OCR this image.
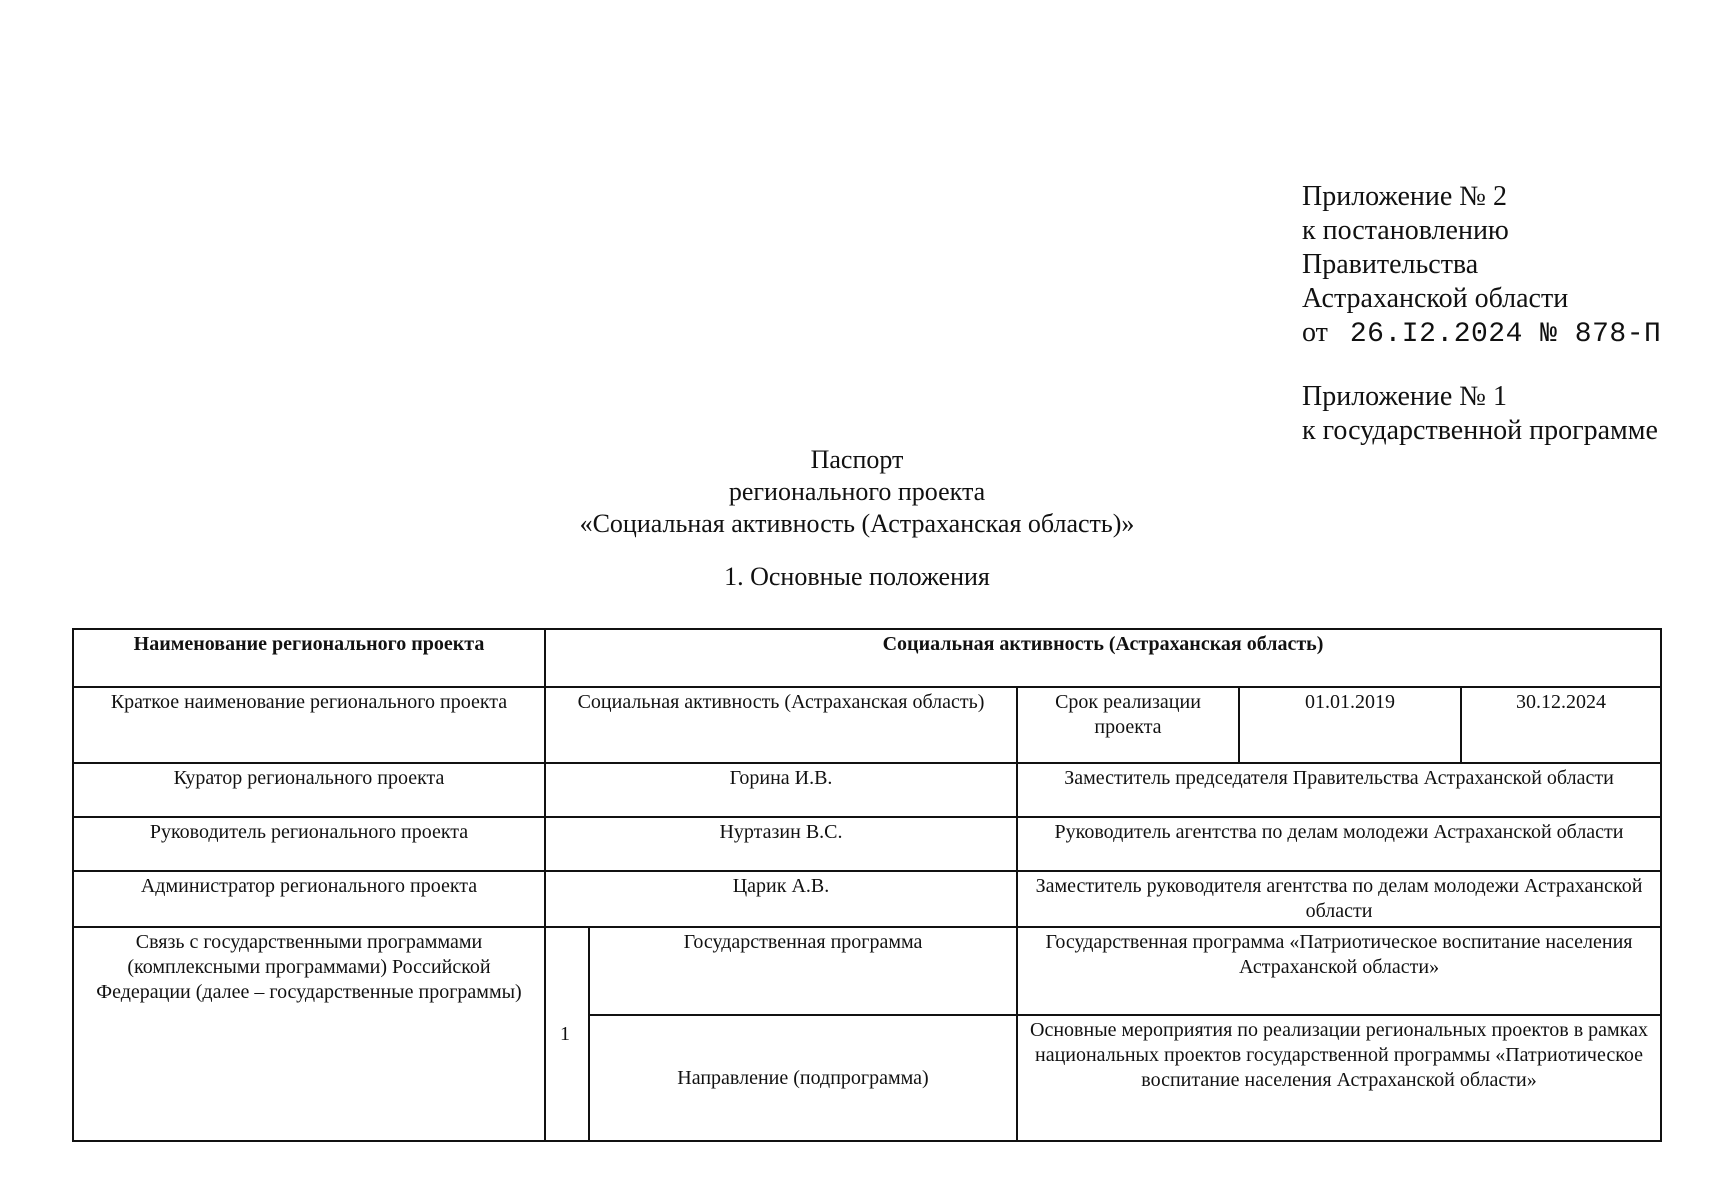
Приложение № 2
к постановлению
Правительства
Астраханской области
от 26.I2.2024 № 878-П
Приложение № 1
к государственной программе
Паспорт
регионального проекта
«Социальная активность (Астраханская область)»
1. Основные положения
Наименование регионального проекта	Социальная активность (Астраханская область)				
Краткое наименование регионального проекта	Социальная активность (Астраханская область)		Срок реализации проекта	01.01.2019	30.12.2024
Куратор регионального проекта	Горина И.В.		Заместитель председателя Правительства Астраханской области		
Руководитель регионального проекта	Нуртазин В.С.		Руководитель агентства по делам молодежи Астраханской области		
Администратор регионального проекта	Царик А.В.		Заместитель руководителя агентства по делам молодежи Астраханской области		
Связь с государственными программами (комплексными программами) Российской Федерации (далее – государственные программы)	1	Государственная программа	Государственная программа «Патриотическое воспитание населения Астраханской области»		
		Направление (подпрограмма)	Основные мероприятия по реализации региональных проектов в рамках национальных проектов государственной программы «Патриотическое воспитание населения Астраханской области»		
